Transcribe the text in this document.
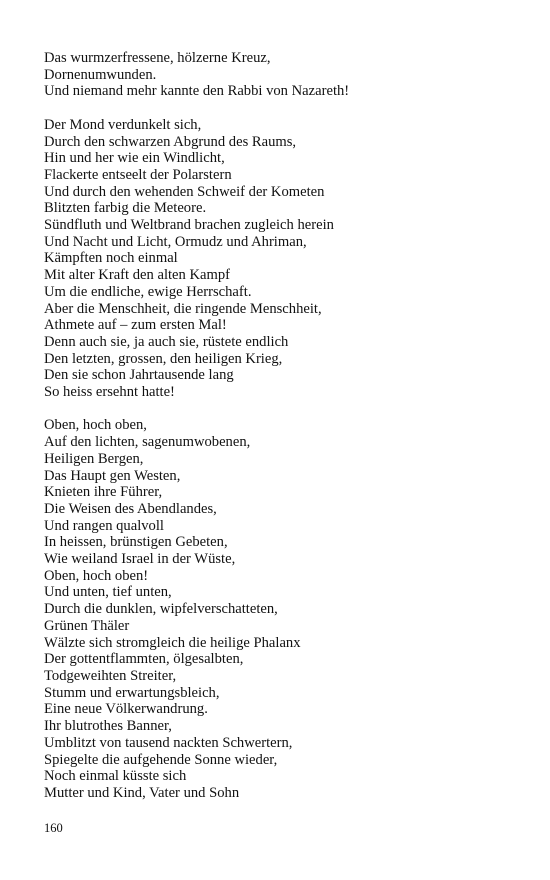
Das wurmzerfressene, hölzerne Kreuz,
Dornenumwunden.
Und niemand mehr kannte den Rabbi von Nazareth!

Der Mond verdunkelt sich,
Durch den schwarzen Abgrund des Raums,
Hin und her wie ein Windlicht,
Flackerte entseelt der Polarstern
Und durch den wehenden Schweif der Kometen
Blitzten farbig die Meteore.
Sündfluth und Weltbrand brachen zugleich herein
Und Nacht und Licht, Ormudz und Ahriman,
Kämpften noch einmal
Mit alter Kraft den alten Kampf
Um die endliche, ewige Herrschaft.
Aber die Menschheit, die ringende Menschheit,
Athmete auf – zum ersten Mal!
Denn auch sie, ja auch sie, rüstete endlich
Den letzten, grossen, den heiligen Krieg,
Den sie schon Jahrtausende lang
So heiss ersehnt hatte!

Oben, hoch oben,
Auf den lichten, sagenumwobenen,
Heiligen Bergen,
Das Haupt gen Westen,
Knieten ihre Führer,
Die Weisen des Abendlandes,
Und rangen qualvoll
In heissen, brünstigen Gebeten,
Wie weiland Israel in der Wüste,
Oben, hoch oben!
Und unten, tief unten,
Durch die dunklen, wipfelverschatteten,
Grünen Thäler
Wälzte sich stromgleich die heilige Phalanx
Der gottentflammten, ölgesalbten,
Todgeweihten Streiter,
Stumm und erwartungsbleich,
Eine neue Völkerwandrung.
Ihr blutrothes Banner,
Umblitzt von tausend nackten Schwertern,
Spiegelte die aufgehende Sonne wieder,
Noch einmal küsste sich
Mutter und Kind, Vater und Sohn

160
